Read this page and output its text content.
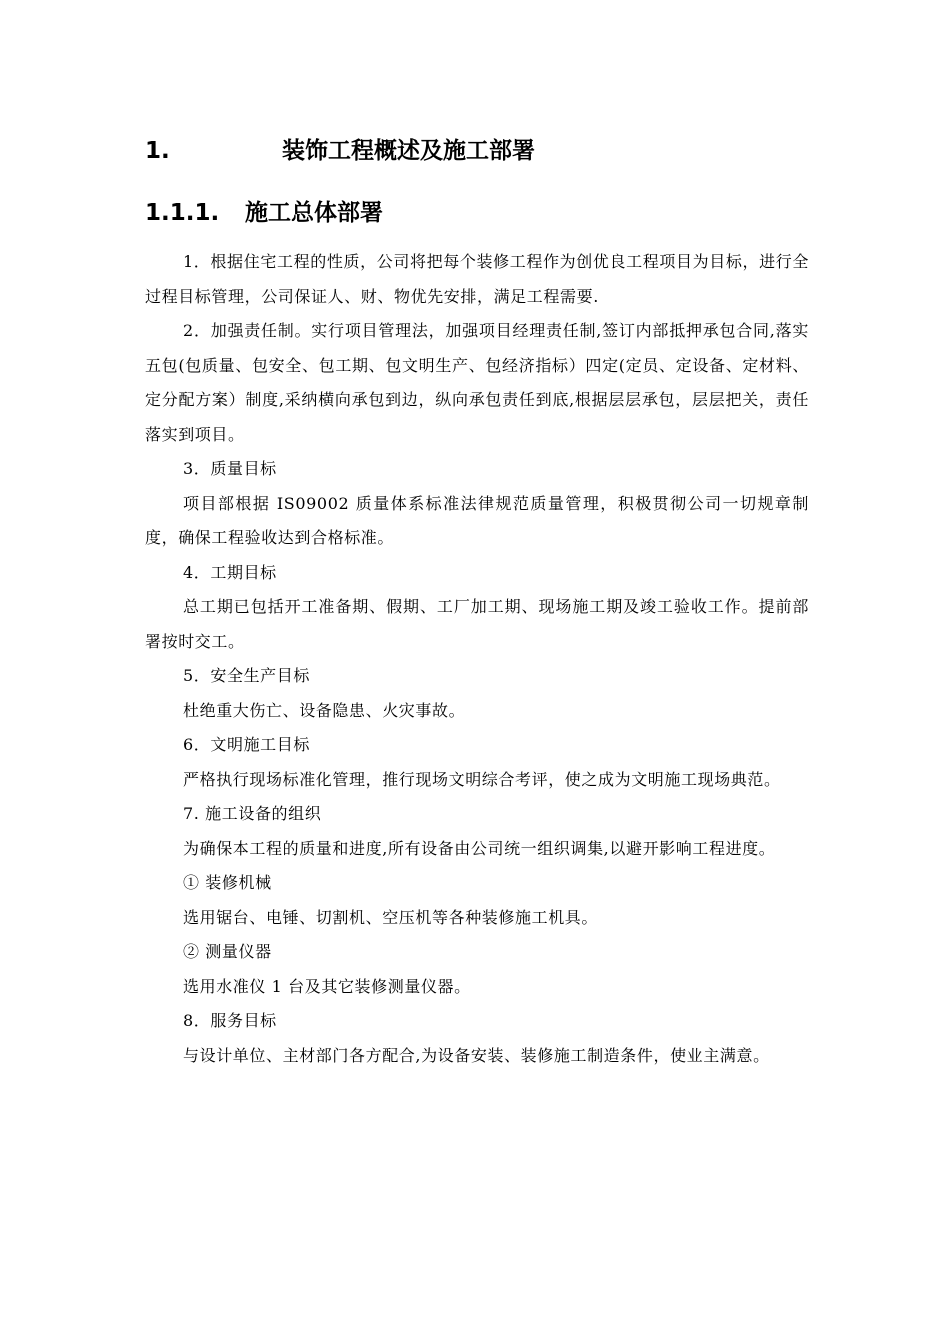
1.	装饰工程概述及施工部署
1.1.1. 施工总体部署

1．根据住宅工程的性质，公司将把每个装修工程作为创优良工程项目为目标，进行全过程目标管理，公司保证人、财、物优先安排，满足工程需要.

2．加强责任制。实行项目管理法，加强项目经理责任制,签订内部抵押承包合同,落实五包(包质量、包安全、包工期、包文明生产、包经济指标）四定(定员、定设备、定材料、定分配方案）制度,采纳横向承包到边，纵向承包责任到底,根据层层承包，层层把关，责任落实到项目。

3．质量目标

项目部根据 IS09002 质量体系标准法律规范质量管理，积极贯彻公司一切规章制度，确保工程验收达到合格标准。

4．工期目标

总工期已包括开工准备期、假期、工厂加工期、现场施工期及竣工验收工作。提前部署按时交工。

5．安全生产目标

杜绝重大伤亡、设备隐患、火灾事故。

6．文明施工目标

严格执行现场标准化管理，推行现场文明综合考评，使之成为文明施工现场典范。

7. 施工设备的组织

为确保本工程的质量和进度,所有设备由公司统一组织调集,以避开影响工程进度。

① 装修机械

选用锯台、电锤、切割机、空压机等各种装修施工机具。

② 测量仪器

选用水准仪 1 台及其它装修测量仪器。

8．服务目标

与设计单位、主材部门各方配合,为设备安装、装修施工制造条件，使业主满意。
